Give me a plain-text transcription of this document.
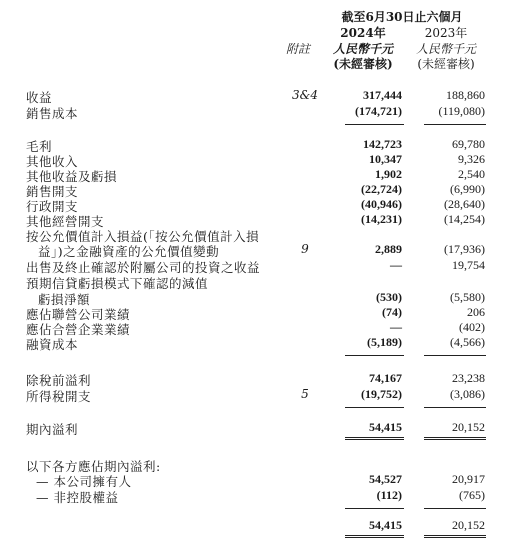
截至6月30日止六個月
2024年	2023年
附註	人民幣千元	人民幣千元
(未經審核)	(未經審核)
收益	3&4	317,444	188,860
銷售成本	(174,721)	(119,080)
毛利	142,723	69,780
其他收入	10,347	9,326
其他收益及虧損	1,902	2,540
銷售開支	(22,724)	(6,990)
行政開支	(40,946)	(28,640)
其他經營開支	(14,231)	(14,254)
按公允價值計入損益(「按公允價值計入損
益」)之金融資產的公允價值變動	9	2,889	(17,936)
出售及終止確認於附屬公司的投資之收益	—	19,754
預期信貸虧損模式下確認的減值
虧損淨額	(530)	(5,580)
應佔聯營公司業績	(74)	206
應佔合營企業業績	—	(402)
融資成本	(5,189)	(4,566)
除稅前溢利	74,167	23,238
所得稅開支	5	(19,752)	(3,086)
期內溢利	54,415	20,152
以下各方應佔期內溢利:
— 本公司擁有人	54,527	20,917
— 非控股權益	(112)	(765)
54,415	20,152
